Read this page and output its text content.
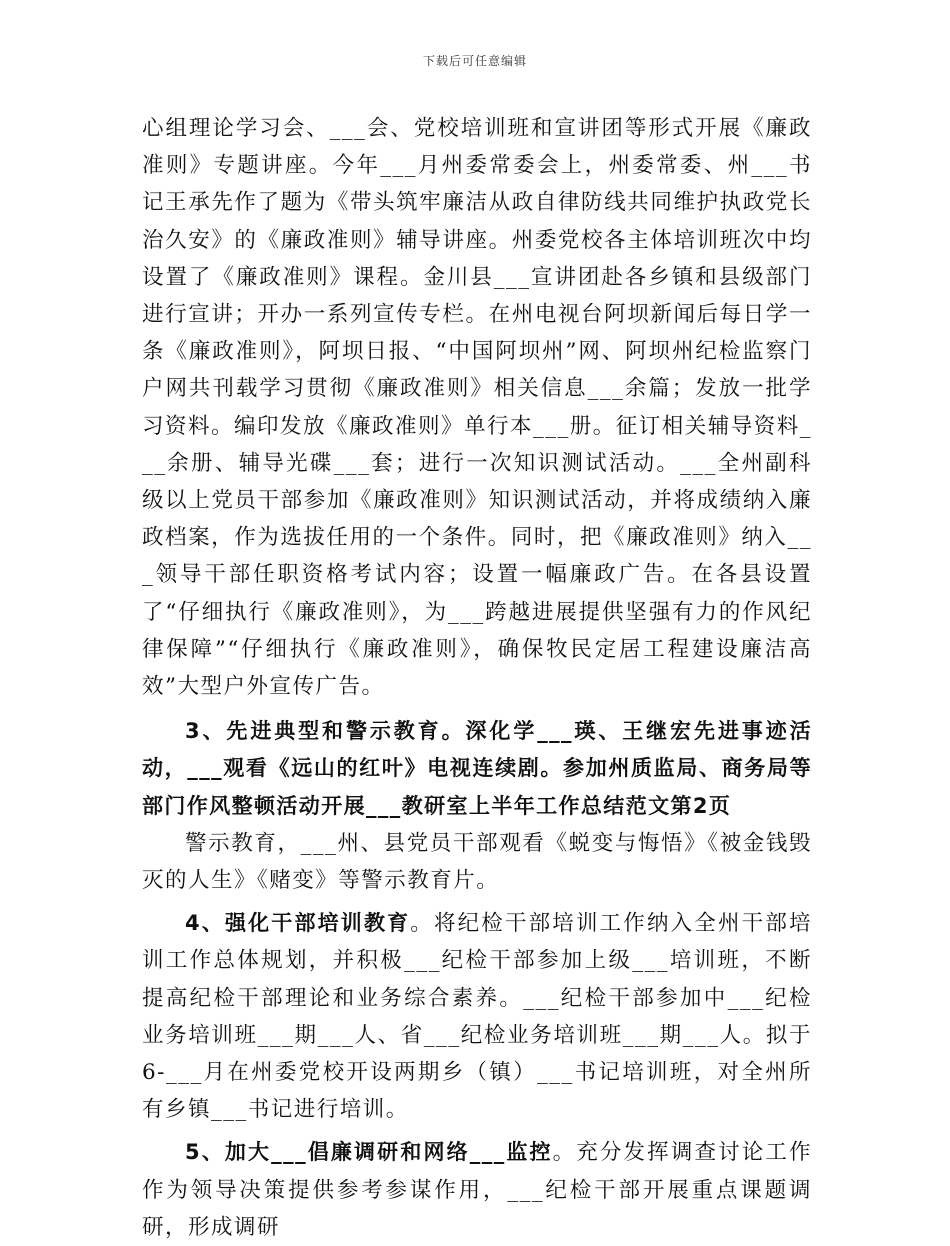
下载后可任意编辑

心组理论学习会、___会、党校培训班和宣讲团等形式开展《廉政准则》专题讲座。今年___月州委常委会上，州委常委、州___书记王承先作了题为《带头筑牢廉洁从政自律防线共同维护执政党长治久安》的《廉政准则》辅导讲座。州委党校各主体培训班次中均设置了《廉政准则》课程。金川县___宣讲团赴各乡镇和县级部门进行宣讲；开办一系列宣传专栏。在州电视台阿坝新闻后每日学一条《廉政准则》，阿坝日报、“中国阿坝州”网、阿坝州纪检监察门户网共刊载学习贯彻《廉政准则》相关信息___余篇；发放一批学习资料。编印发放《廉政准则》单行本___册。征订相关辅导资料___余册、辅导光碟___套；进行一次知识测试活动。___全州副科级以上党员干部参加《廉政准则》知识测试活动，并将成绩纳入廉政档案，作为选拔任用的一个条件。同时，把《廉政准则》纳入___领导干部任职资格考试内容；设置一幅廉政广告。在各县设置了“仔细执行《廉政准则》，为___跨越进展提供坚强有力的作风纪律保障”“仔细执行《廉政准则》，确保牧民定居工程建设廉洁高效”大型户外宣传广告。

3、先进典型和警示教育。深化学___瑛、王继宏先进事迹活动，___观看《远山的红叶》电视连续剧。参加州质监局、商务局等部门作风整顿活动开展___教研室上半年工作总结范文第2页

警示教育，___州、县党员干部观看《蜕变与悔悟》《被金钱毁灭的人生》《赌变》等警示教育片。

4、强化干部培训教育。将纪检干部培训工作纳入全州干部培训工作总体规划，并积极___纪检干部参加上级___培训班，不断提高纪检干部理论和业务综合素养。___纪检干部参加中___纪检业务培训班___期___人、省___纪检业务培训班___期___人。拟于6-___月在州委党校开设两期乡（镇）___书记培训班，对全州所有乡镇___书记进行培训。

5、加大___倡廉调研和网络___监控。充分发挥调查讨论工作作为领导决策提供参考参谋作用，___纪检干部开展重点课题调研，形成调研
